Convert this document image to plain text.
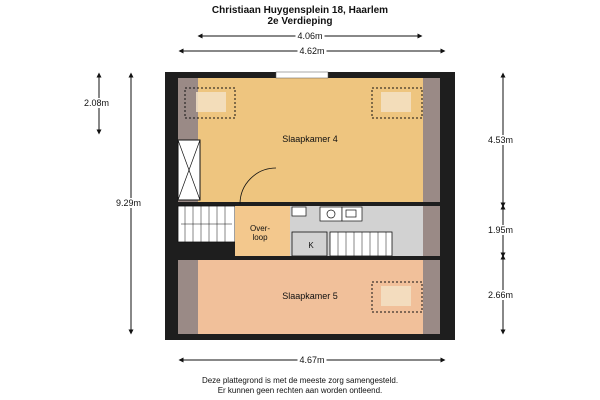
Christiaan Huygensplein 18, Haarlem
2e Verdieping
4.06m
4.62m
2.08m
9.29m
4.53m
1.95m
2.66m
4.67m
Slaapkamer 4
Slaapkamer 5
Over-
loop
K
Deze plattegrond is met de meeste zorg samengesteld.
Er kunnen geen rechten aan worden ontleend.
